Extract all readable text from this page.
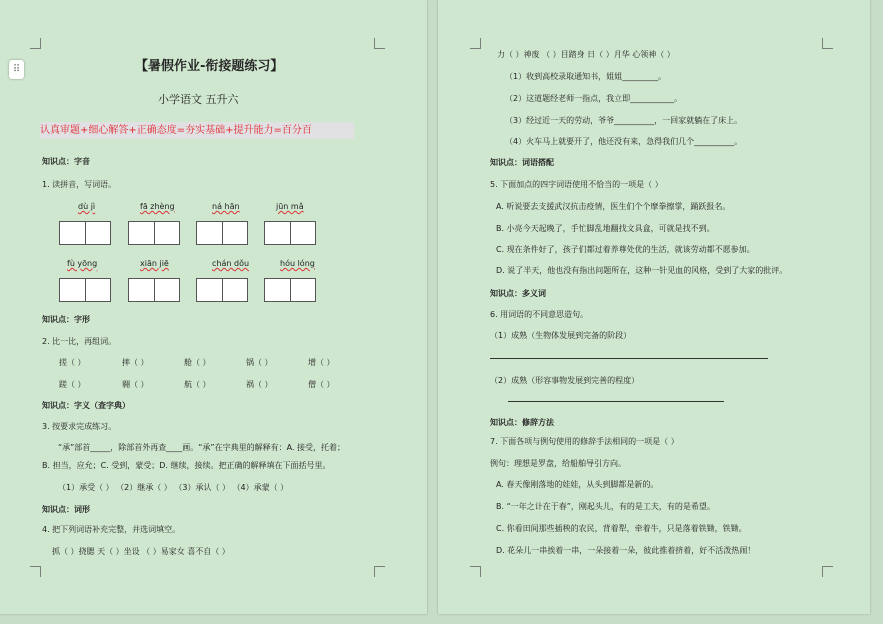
⠿	【暑假作业-衔接题练习】
小学语文 五升六
认真审题+细心解答+正确态度=夯实基础+提升能力=百分百
知识点：字音
1. 读拼音，写词语。
dù jì	fā zhèng	ná hān	jūn mǎ
fù yōng	xiān jiē	chán dǒu	hóu lóng
知识点：字形
2. 比一比，再组词。
搓（ ）	摔（ ）	舱（ ）	锅（ ）	增（ ）
蹉（ ）	翱（ ）	航（ ）	祸（ ）	僧（ ）
知识点：字义（查字典）
3. 按要求完成练习。
“承”部首_____，除部首外再查____画。“承”在字典里的解释有：A. 接受，托着；
B. 担当，应允；C. 受到，蒙受；D. 继续，接续。把正确的解释填在下面括号里。
（1）承受（ ） （2）继承（ ） （3）承认（ ） （4）承蒙（ ）
知识点：词形
4. 把下列词语补充完整，并选词填空。
抓（ ）挠腮 天（ ）坐设 （ ）易家女 喜不自（ ）
力（ ）神废 （ ）目踏身 日（ ）月华 心领神（ ）
（1）收到高校录取通知书，姐姐_________。
（2）这道题经老师一指点，我立即___________。
（3）经过近一天的劳动，爷爷__________，一回家就躺在了床上。
（4）火车马上就要开了，他还没有来，急得我们几个__________。
知识点：词语搭配
5. 下面加点的四字词语使用不恰当的一项是（ ）
A. 听说要去支援武汉抗击疫情，医生们个个摩拳擦掌，踊跃报名。
B. 小亮今天起晚了，手忙脚乱地翻找文具盒，可就是找不到。
C. 现在条件好了，孩子们都过着养尊处优的生活，就该劳动都不愿参加。
D. 说了半天，他也没有指出问题所在，这种一针见血的风格，受到了大家的批评。
知识点：多义词
6. 用词语的不同意思造句。
（1）成熟（生物体发展到完备的阶段）
（2）成熟（形容事物发展到完善的程度）
知识点：修辞方法
7. 下面各项与例句使用的修辞手法相同的一项是（ ）
例句：理想是罗盘，给船舶导引方向。
A. 春天像刚落地的娃娃，从头到脚都是新的。
B. “一年之计在于春”，刚起头儿，有的是工夫，有的是希望。
C. 你看田间那些插秧的农民，背着犁，牵着牛，只是落着铁锄，铁锄。
D. 花朵儿一串挨着一串，一朵接着一朵，彼此推着挤着，好不活泼热闹！
